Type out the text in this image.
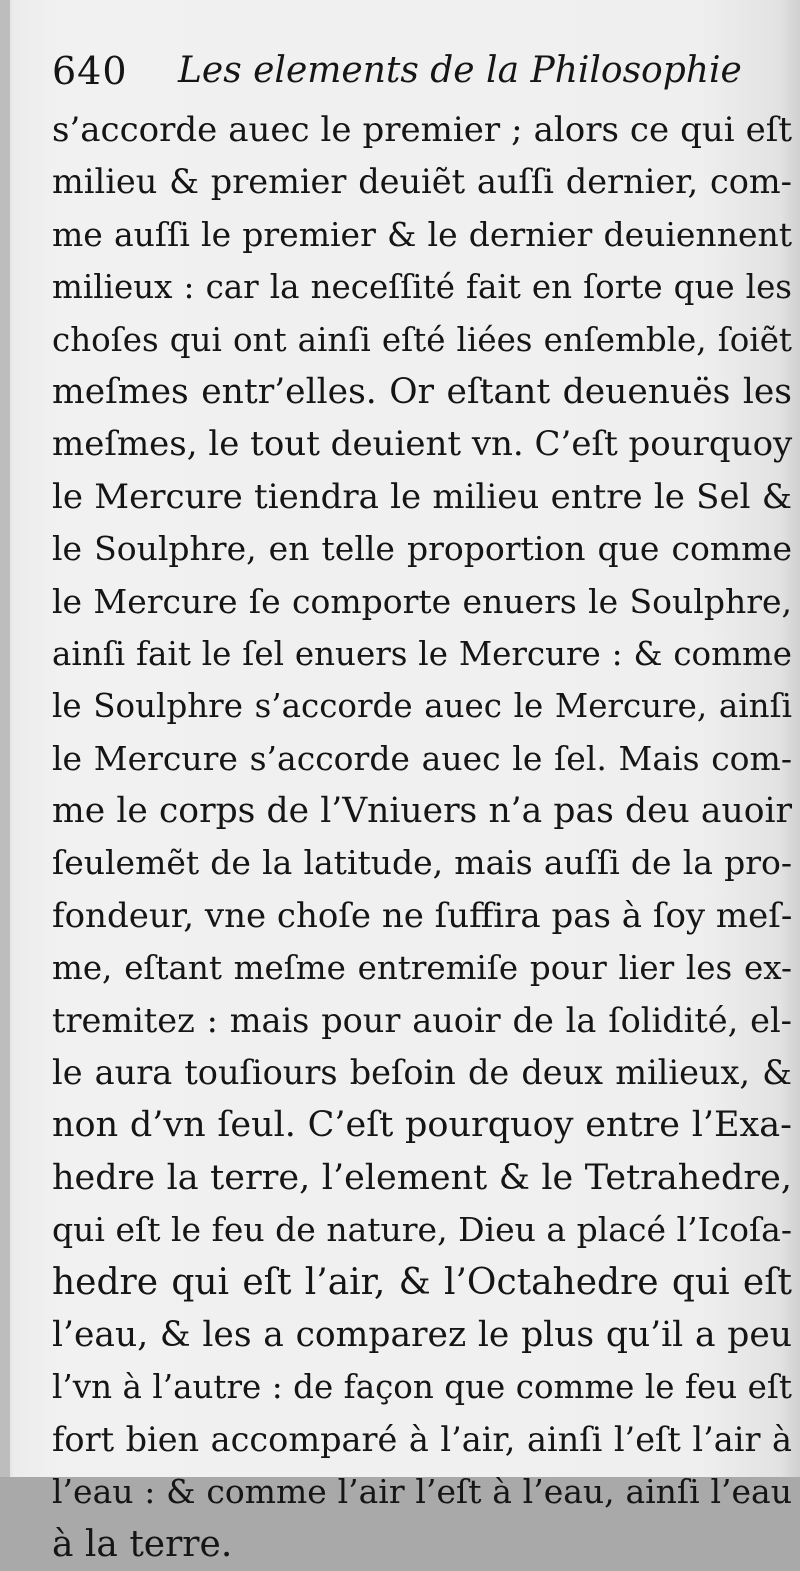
640 Les elements de la Philosophie
s’accorde auec le premier ; alors ce qui eſt
milieu & premier deuiẽt auſſi dernier, com-
me auſſi le premier & le dernier deuiennent
milieux : car la neceſſité fait en ſorte que les
choſes qui ont ainſi eſté liées enſemble, ſoiẽt
meſmes entr’elles. Or eſtant deuenuës les
meſmes, le tout deuient vn. C’eſt pourquoy
le Mercure tiendra le milieu entre le Sel &
le Soulphre, en telle proportion que comme
le Mercure ſe comporte enuers le Soulphre,
ainſi fait le ſel enuers le Mercure : & comme
le Soulphre s’accorde auec le Mercure, ainſi
le Mercure s’accorde auec le ſel. Mais com-
me le corps de l’Vniuers n’a pas deu auoir
ſeulemẽt de la latitude, mais auſſi de la pro-
fondeur, vne choſe ne ſuffira pas à ſoy meſ-
me, eſtant meſme entremiſe pour lier les ex-
tremitez : mais pour auoir de la ſolidité, el-
le aura touſiours beſoin de deux milieux, &
non d’vn ſeul. C’eſt pourquoy entre l’Exa-
hedre la terre, l’element & le Tetrahedre,
qui eſt le feu de nature, Dieu a placé l’Icoſa-
hedre qui eſt l’air, & l’Octahedre qui eſt
l’eau, & les a comparez le plus qu’il a peu
l’vn à l’autre : de façon que comme le feu eſt
fort bien accomparé à l’air, ainſi l’eſt l’air à
l’eau : & comme l’air l’eſt à l’eau, ainſi l’eau
à la terre.
